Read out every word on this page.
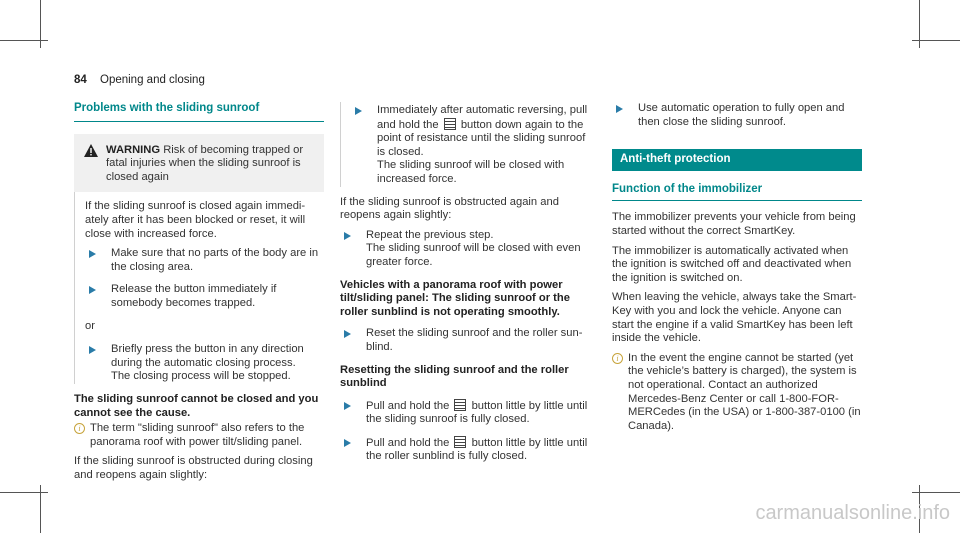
84 Opening and closing
Problems with the sliding sunroof
WARNING Risk of becoming trapped or fatal injuries when the sliding sunroof is closed again
If the sliding sunroof is closed again immedi- ately after it has been blocked or reset, it will close with increased force.
Make sure that no parts of the body are in the closing area.
Release the button immediately if somebody becomes trapped.
or
Briefly press the button in any direction during the automatic closing process.
The closing process will be stopped.
The sliding sunroof cannot be closed and you cannot see the cause.
i The term "sliding sunroof" also refers to the panorama roof with power tilt/sliding panel.
If the sliding sunroof is obstructed during closing and reopens again slightly:
Immediately after automatic reversing, pull and hold the button down again to the point of resistance until the sliding sunroof is closed.
The sliding sunroof will be closed with increased force.
If the sliding sunroof is obstructed again and reopens again slightly:
Repeat the previous step.
The sliding sunroof will be closed with even greater force.
Vehicles with a panorama roof with power tilt/sliding panel: The sliding sunroof or the roller sunblind is not operating smoothly.
Reset the sliding sunroof and the roller sun- blind.
Resetting the sliding sunroof and the roller sunblind
Pull and hold the button little by little until the sliding sunroof is fully closed.
Pull and hold the button little by little until the roller sunblind is fully closed.
Use automatic operation to fully open and then close the sliding sunroof.
Anti-theft protection
Function of the immobilizer
The immobilizer prevents your vehicle from being started without the correct SmartKey.
The immobilizer is automatically activated when the ignition is switched off and deactivated when the ignition is switched on.
When leaving the vehicle, always take the Smart- Key with you and lock the vehicle. Anyone can start the engine if a valid SmartKey has been left inside the vehicle.
i In the event the engine cannot be started (yet the vehicle’s battery is charged), the system is not operational. Contact an authorized Mercedes-Benz Center or call 1-800-FOR-MERCedes (in the USA) or 1-800-387-0100 (in Canada).
carmanualsonline.info
